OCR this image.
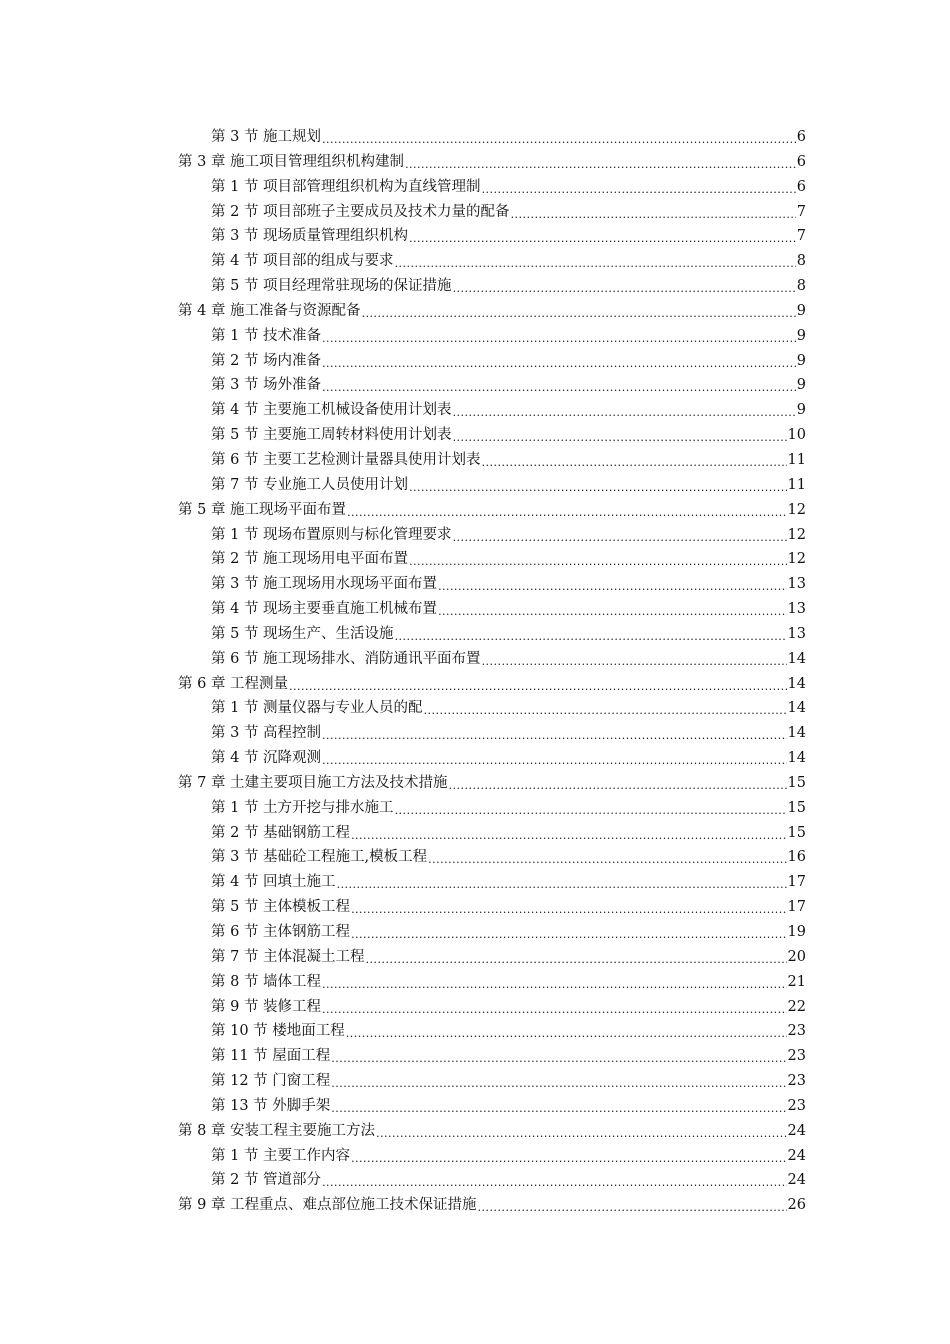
第 3 节 施工规划 .....	6
第 3 章 施工项目管理组织机构建制 .....	6
第 1 节 项目部管理组织机构为直线管理制 .....	6
第 2 节 项目部班子主要成员及技术力量的配备 .....	7
第 3 节 现场质量管理组织机构 .....	7
第 4 节 项目部的组成与要求 .....	8
第 5 节 项目经理常驻现场的保证措施 .....	8
第 4 章 施工准备与资源配备 .....	9
第 1 节 技术准备 .....	9
第 2 节 场内准备 .....	9
第 3 节 场外准备 .....	9
第 4 节 主要施工机械设备使用计划表 .....	9
第 5 节 主要施工周转材料使用计划表 .....	10
第 6 节 主要工艺检测计量器具使用计划表 .....	11
第 7 节 专业施工人员使用计划 .....	11
第 5 章 施工现场平面布置 .....	12
第 1 节 现场布置原则与标化管理要求 .....	12
第 2 节 施工现场用电平面布置 .....	12
第 3 节 施工现场用水现场平面布置 .....	13
第 4 节 现场主要垂直施工机械布置 .....	13
第 5 节 现场生产、生活设施 .....	13
第 6 节 施工现场排水、消防通讯平面布置 .....	14
第 6 章 工程测量 .....	14
第 1 节 测量仪器与专业人员的配 .....	14
第 3 节 高程控制 .....	14
第 4 节 沉降观测 .....	14
第 7 章 土建主要项目施工方法及技术措施 .....	15
第 1 节 土方开挖与排水施工 .....	15
第 2 节 基础钢筋工程 .....	15
第 3 节 基础砼工程施工,模板工程 .....	16
第 4 节 回填土施工 .....	17
第 5 节 主体模板工程 .....	17
第 6 节 主体钢筋工程 .....	19
第 7 节 主体混凝土工程 .....	20
第 8 节 墙体工程 .....	21
第 9 节 装修工程 .....	22
第 10 节 楼地面工程 .....	23
第 11 节 屋面工程 .....	23
第 12 节 门窗工程 .....	23
第 13 节 外脚手架 .....	23
第 8 章 安装工程主要施工方法 .....	24
第 1 节 主要工作内容 .....	24
第 2 节 管道部分 .....	24
第 9 章 工程重点、难点部位施工技术保证措施 .....	26
